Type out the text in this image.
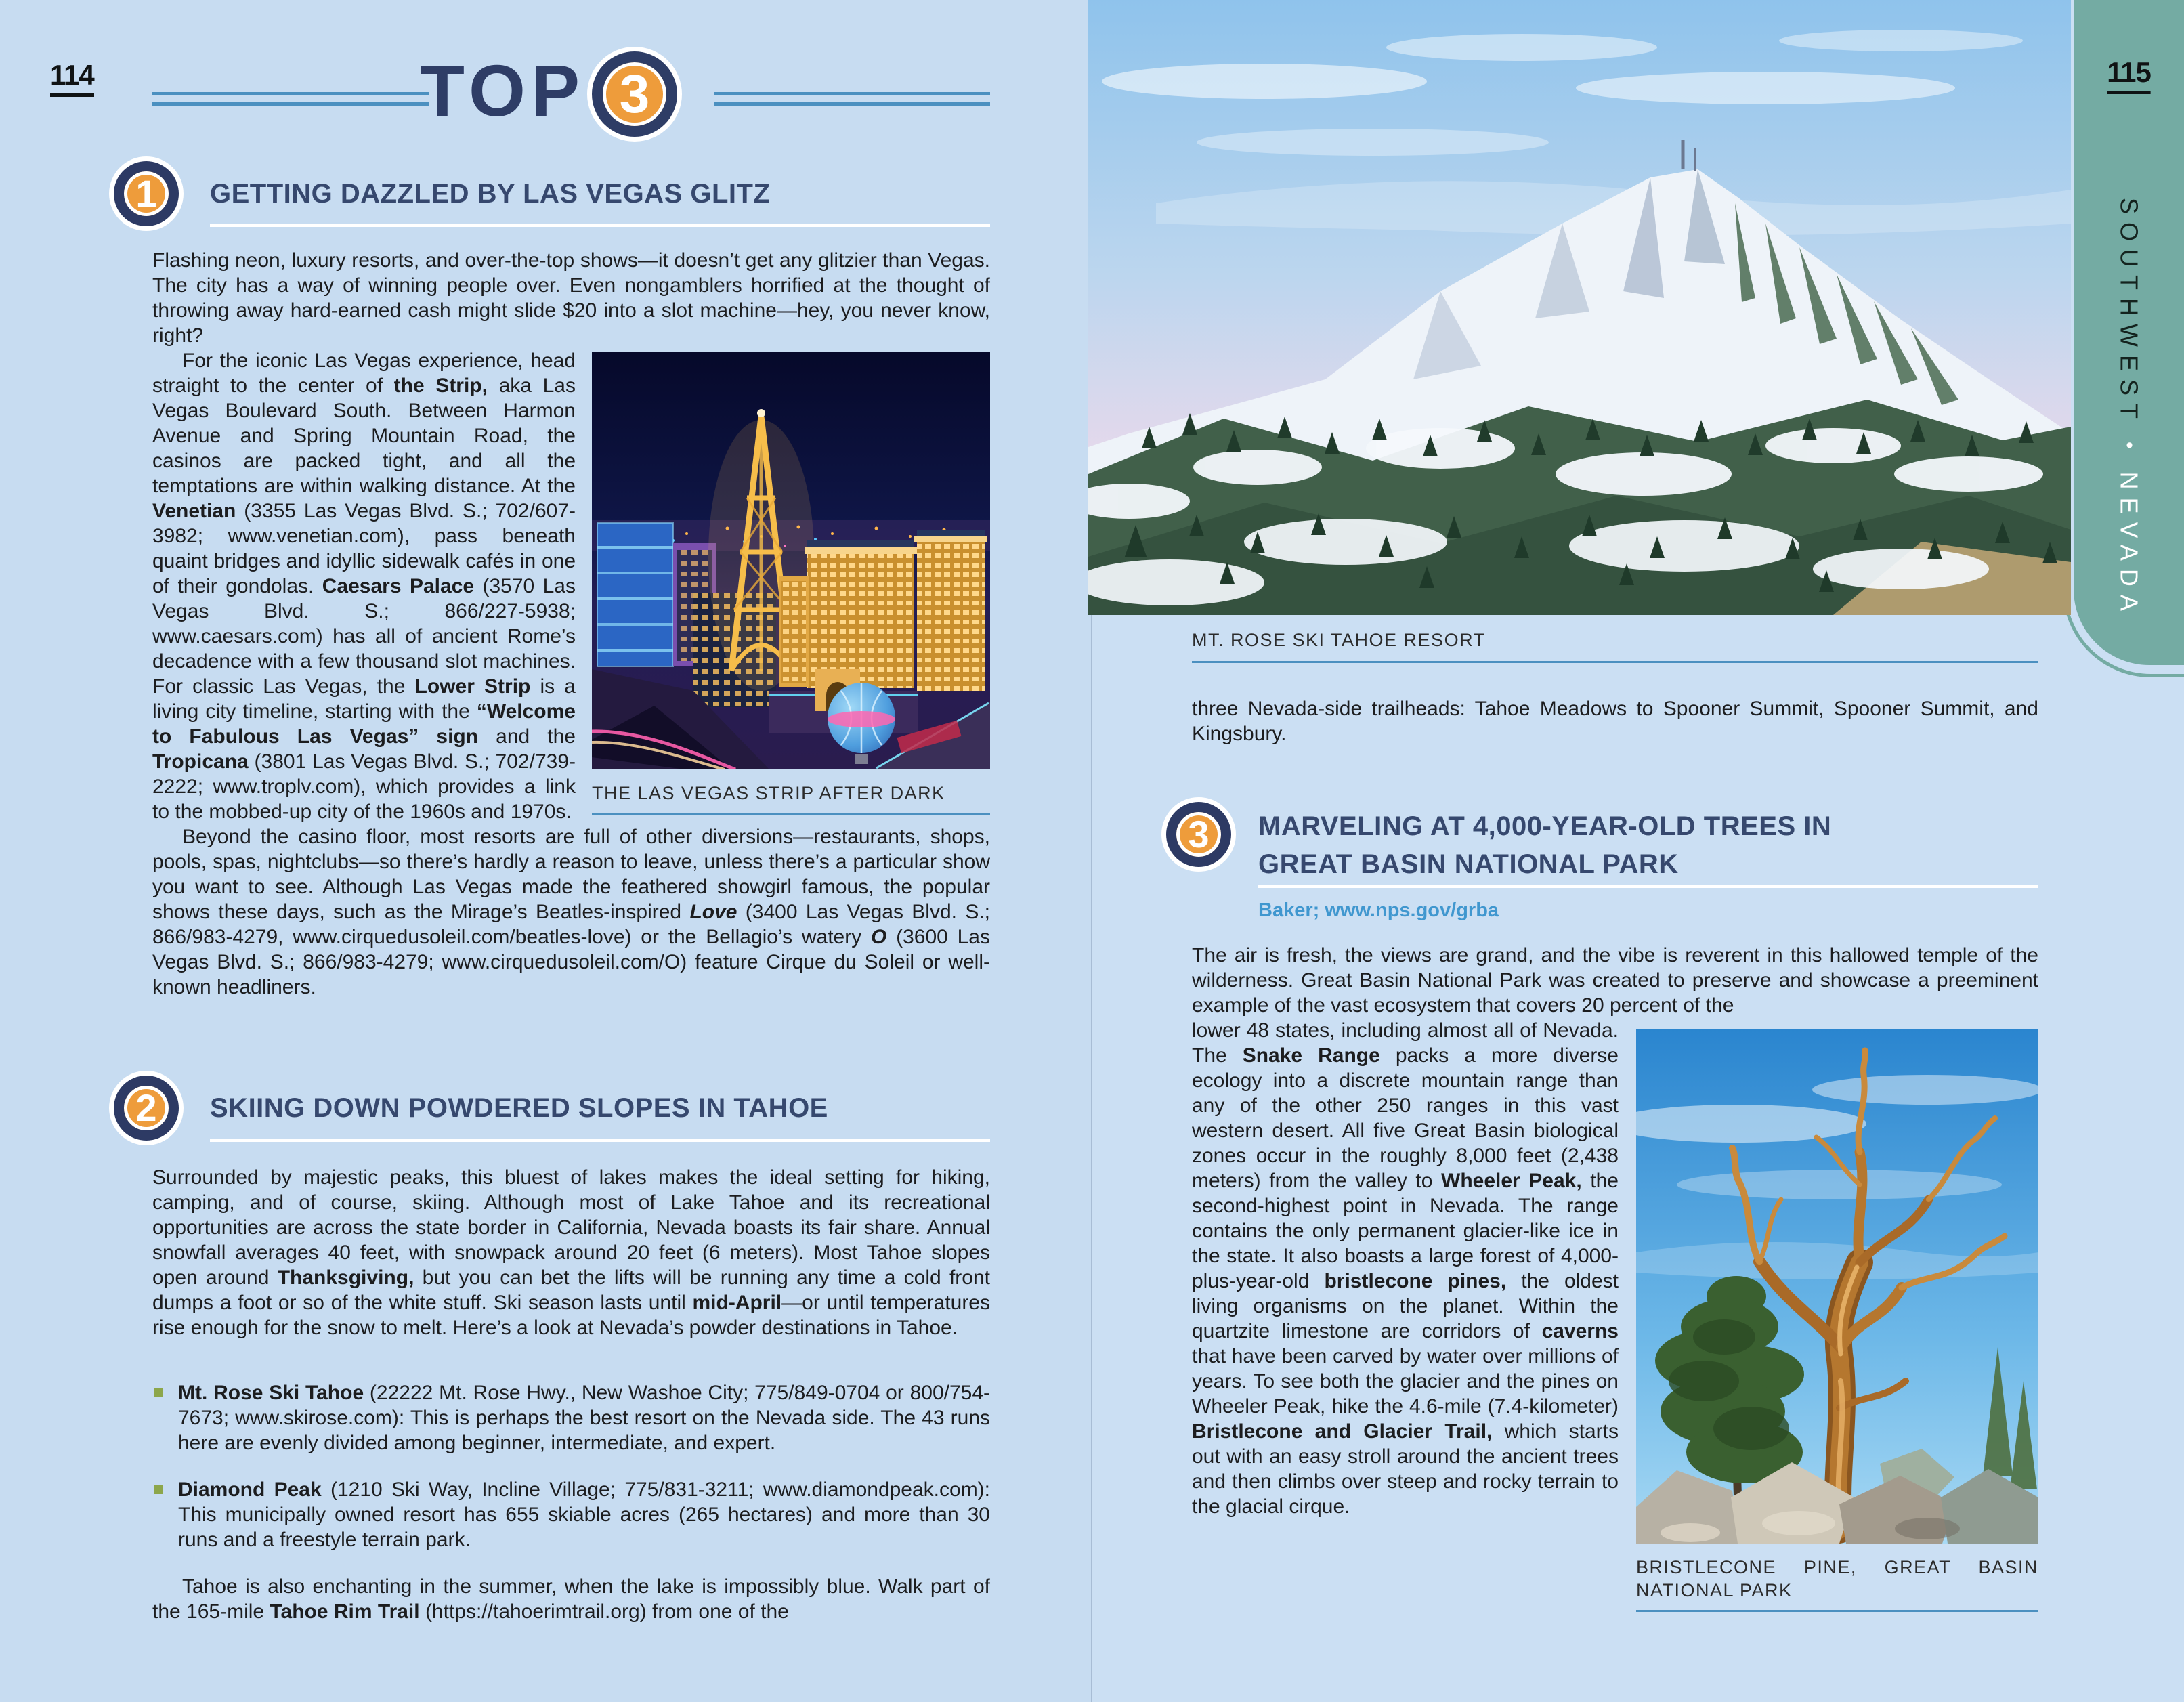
114	TOP 3
1 GETTING DAZZLED BY LAS VEGAS GLITZ
Flashing neon, luxury resorts, and over-the-top shows—it doesn’t get any glitzier than Vegas. The city has a way of winning people over. Even nongamblers horrified at the thought of throwing away hard-earned cash might slide $20 into a slot machine—hey, you never know, right?
THE LAS VEGAS STRIP AFTER DARK

For the iconic Las Vegas experience, head straight to the center of the Strip, aka Las Vegas Boulevard South. Between Harmon Avenue and Spring Mountain Road, the casinos are packed tight, and all the temptations are within walking distance. At the Venetian (3355 Las Vegas Blvd. S.; 702/607-3982; www.venetian.com), pass beneath quaint bridges and idyllic sidewalk cafés in one of their gondolas. Caesars Palace (3570 Las Vegas Blvd. S.; 866/227-5938; www.caesars.com) has all of ancient Rome’s decadence with a few thousand slot machines. For classic Las Vegas, the Lower Strip is a living city timeline, starting with the “Welcome to Fabulous Las Vegas” sign and the Tropicana (3801 Las Vegas Blvd. S.; 702/739-2222; www.troplv.com), which provides a link to the mobbed-up city of the 1960s and 1970s.

Beyond the casino floor, most resorts are full of other diversions—restaurants, shops, pools, spas, nightclubs—so there’s hardly a reason to leave, unless there’s a particular show you want to see. Although Las Vegas made the feathered showgirl famous, the popular shows these days, such as the Mirage’s Beatles-inspired Love (3400 Las Vegas Blvd. S.; 866/983-4279, www.cirquedusoleil.com/beatles-love) or the Bellagio’s watery O (3600 Las Vegas Blvd. S.; 866/983-4279; www.cirquedusoleil.com/O) feature Cirque du Soleil or well-known headliners.

2 SKIING DOWN POWDERED SLOPES IN TAHOE
Surrounded by majestic peaks, this bluest of lakes makes the ideal setting for hiking, camping, and of course, skiing. Although most of Lake Tahoe and its recreational opportunities are across the state border in California, Nevada boasts its fair share. Annual snowfall averages 40 feet, with snowpack around 20 feet (6 meters). Most Tahoe slopes open around Thanksgiving, but you can bet the lifts will be running any time a cold front dumps a foot or so of the white stuff. Ski season lasts until mid-April—or until temperatures rise enough for the snow to melt. Here’s a look at Nevada’s powder destinations in Tahoe.
Mt. Rose Ski Tahoe (22222 Mt. Rose Hwy., New Washoe City; 775/849-0704 or 800/754-7673; www.skirose.com): This is perhaps the best resort on the Nevada side. The 43 runs here are evenly divided among beginner, intermediate, and expert.
Diamond Peak (1210 Ski Way, Incline Village; 775/831-3211; www.diamondpeak.com): This municipally owned resort has 655 skiable acres (265 hectares) and more than 30 runs and a freestyle terrain park.

Tahoe is also enchanting in the summer, when the lake is impossibly blue. Walk part of the 165-mile Tahoe Rim Trail (https://tahoerimtrail.org) from one of the

MT. ROSE SKI TAHOE RESORT
three Nevada-side trailheads: Tahoe Meadows to Spooner Summit, Spooner Summit, and Kingsbury.
3 MARVELING AT 4,000-YEAR-OLD TREES IN
GREAT BASIN NATIONAL PARK
Baker; www.nps.gov/grba

The air is fresh, the views are grand, and the vibe is reverent in this hallowed temple of the wilderness. Great Basin National Park was created to preserve and showcase a preeminent example of the vast ecosystem that covers 20 percent of the

BRISTLECONE PINE, GREAT BASIN NATIONAL PARK

lower 48 states, including almost all of Nevada. The Snake Range packs a more diverse ecology into a discrete mountain range than any of the other 250 ranges in this vast western desert. All five Great Basin biological zones occur in the roughly 8,000 feet (2,438 meters) from the valley to Wheeler Peak, the second-highest point in Nevada. The range contains the only permanent glacier-like ice in the state. It also boasts a large forest of 4,000-plus-year-old bristlecone pines, the oldest living organisms on the planet. Within the quartzite limestone are corridors of caverns that have been carved by water over millions of years. To see both the glacier and the pines on Wheeler Peak, hike the 4.6-mile (7.4-kilometer) Bristlecone and Glacier Trail, which starts out with an easy stroll around the ancient trees and then climbs over steep and rocky terrain to the glacial cirque.

115
SOUTHWEST • NEVADA
